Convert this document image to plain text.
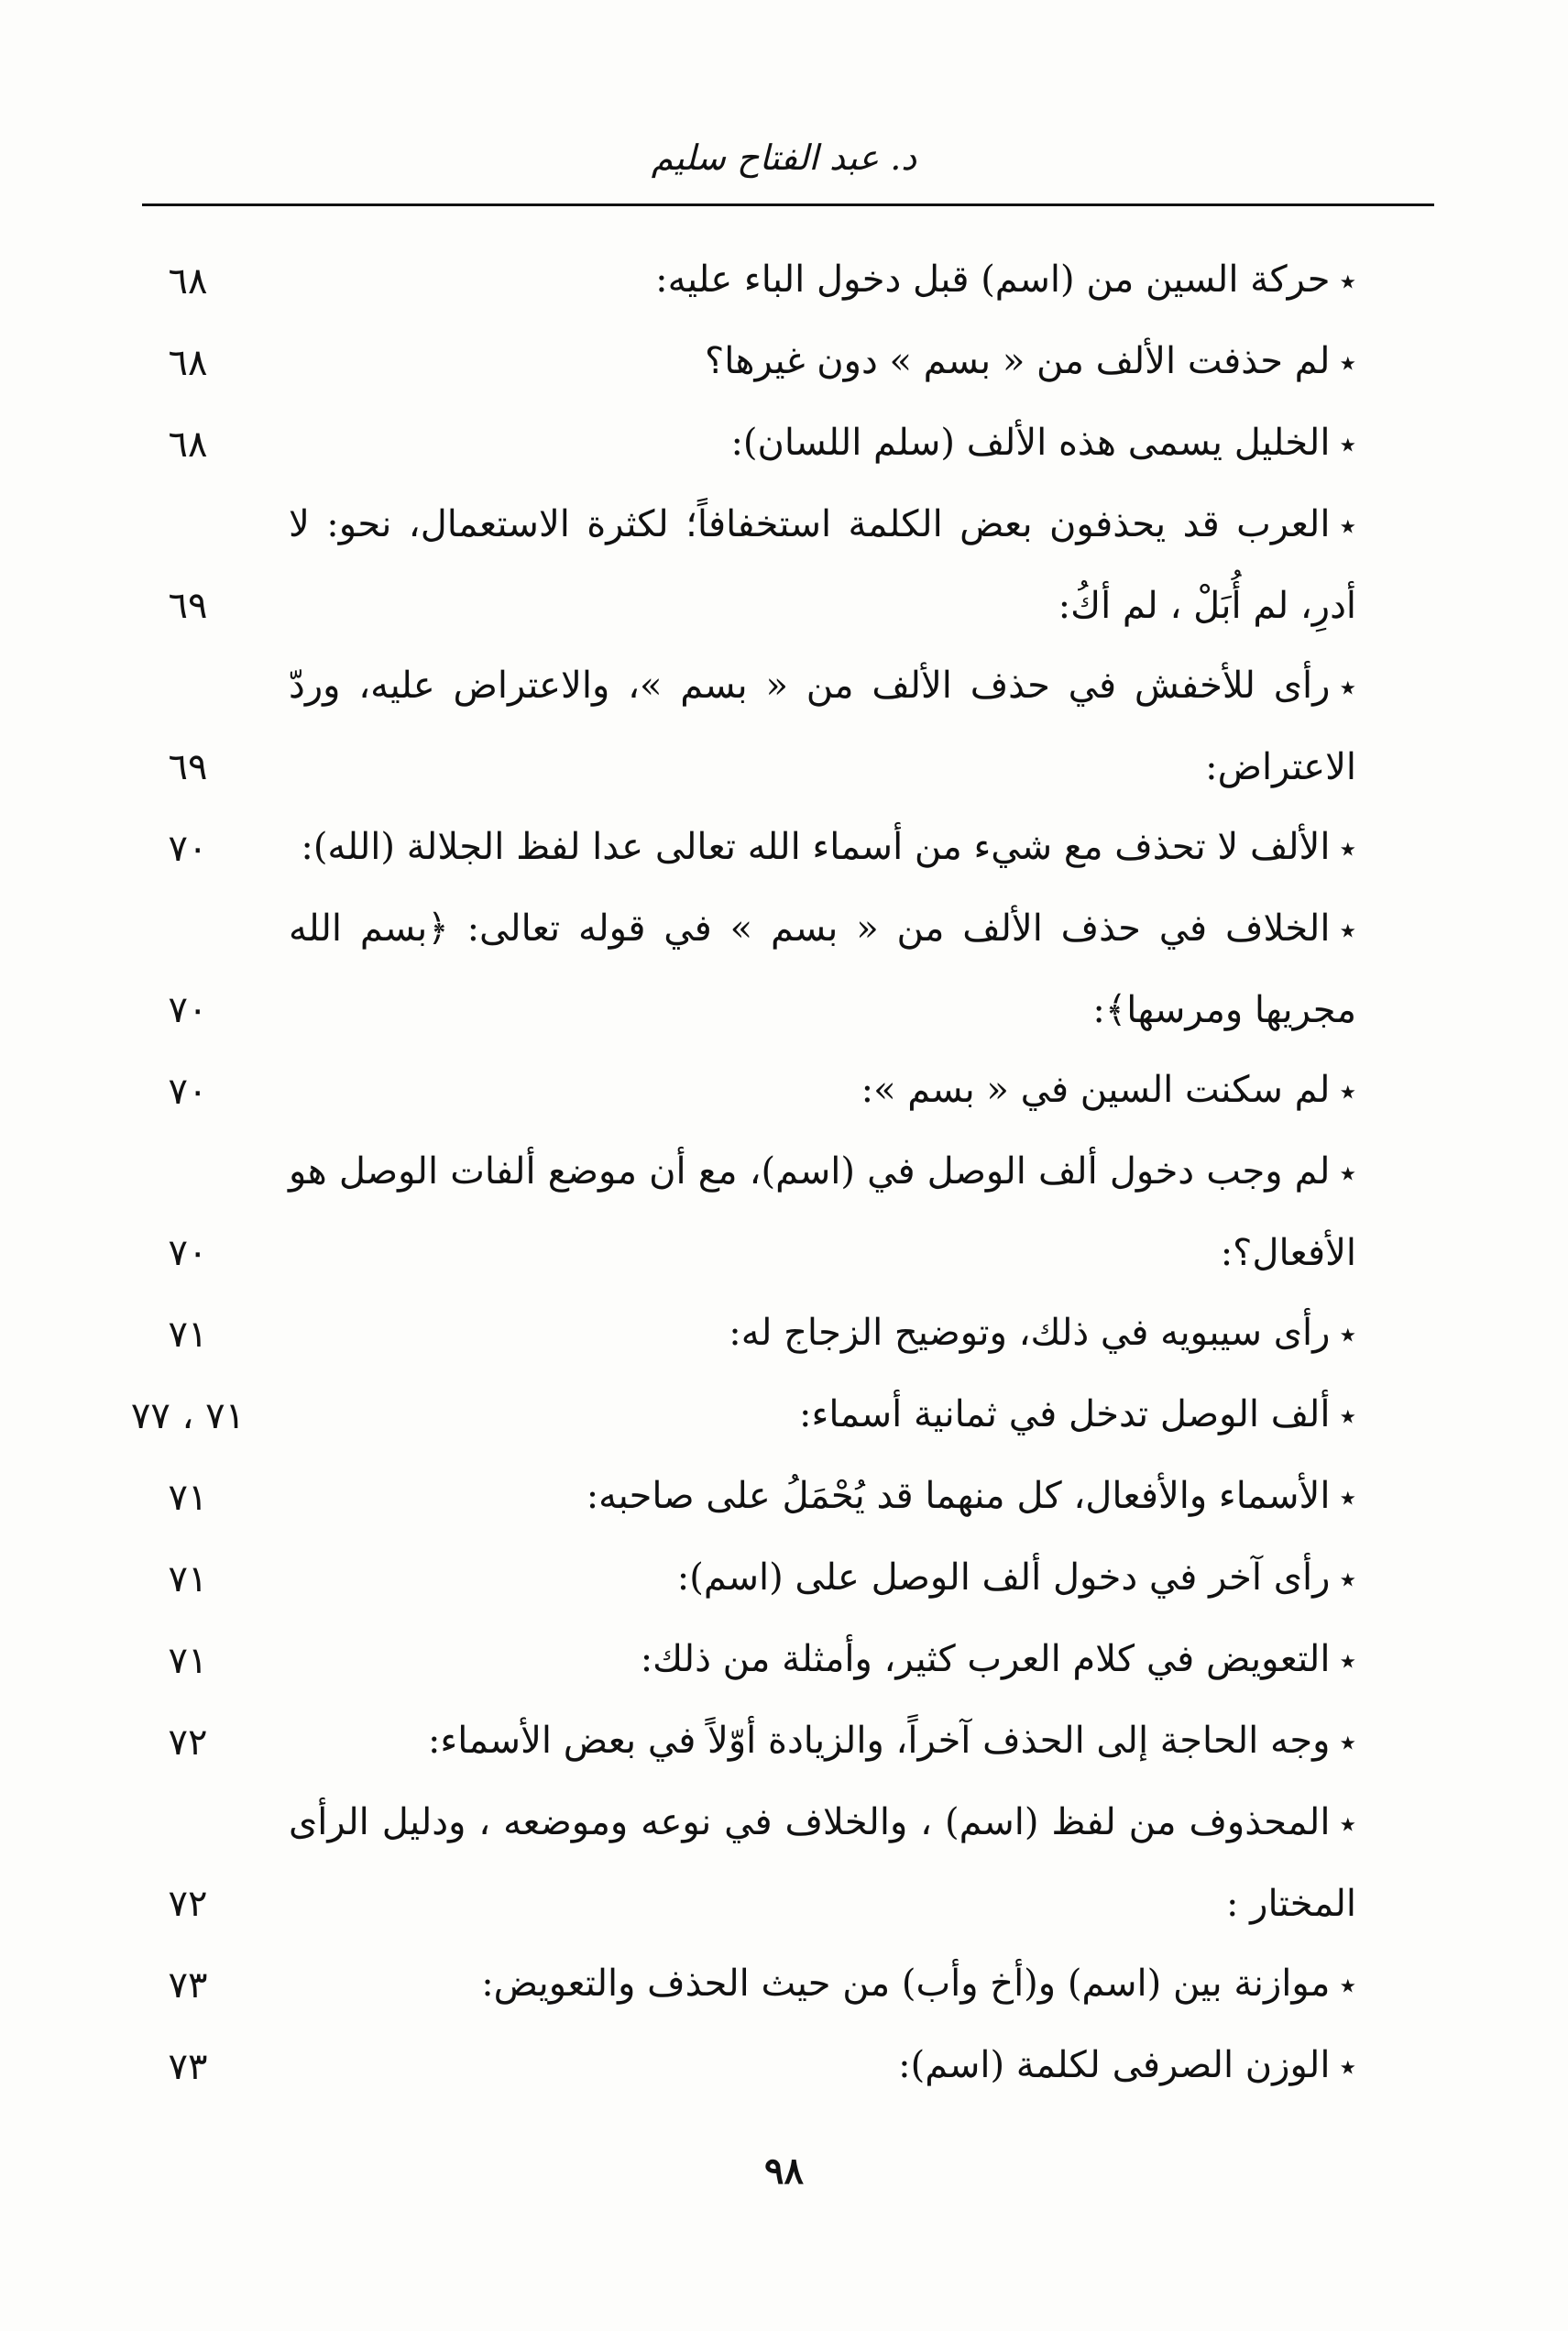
د. عبد الفتاح سليم
٭حركة السين من (اسم) قبل دخول الباء عليه:
٦٨
٭لم حذفت الألف من « بسم » دون غيرها؟
٦٨
٭الخليل يسمى هذه الألف (سلم اللسان):
٦٨
٭العرب قد يحذفون بعض الكلمة استخفافاً؛ لكثرة الاستعمال، نحو: لا أدرِ، لم أُبَلْ ، لم أكُ:
٦٩
٭رأى للأخفش في حذف الألف من « بسم »، والاعتراض عليه، وردّ الاعتراض:
٦٩
٭الألف لا تحذف مع شيء من أسماء الله تعالى عدا لفظ الجلالة (الله):
٧٠
٭الخلاف في حذف الألف من « بسم » في قوله تعالى: ﴿بسم الله مجريها ومرسها﴾:
٧٠
٭لم سكنت السين في « بسم »:
٧٠
٭لم وجب دخول ألف الوصل في (اسم)، مع أن موضع ألفات الوصل هو الأفعال؟:
٧٠
٭رأى سيبويه في ذلك، وتوضيح الزجاج له:
٧١
٭ألف الوصل تدخل في ثمانية أسماء:
٧١ ، ٧٧
٭الأسماء والأفعال، كل منهما قد يُحْمَلُ على صاحبه:
٧١
٭رأى آخر في دخول ألف الوصل على (اسم):
٧١
٭التعويض في كلام العرب كثير، وأمثلة من ذلك:
٧١
٭وجه الحاجة إلى الحذف آخراً، والزيادة أوّلاً في بعض الأسماء:
٧٢
٭المحذوف من لفظ (اسم) ، والخلاف في نوعه وموضعه ، ودليل الرأى المختار :
٧٢
٭موازنة بين (اسم) و(أخ وأب) من حيث الحذف والتعويض:
٧٣
٭الوزن الصرفى لكلمة (اسم):
٧٣
٩٨
